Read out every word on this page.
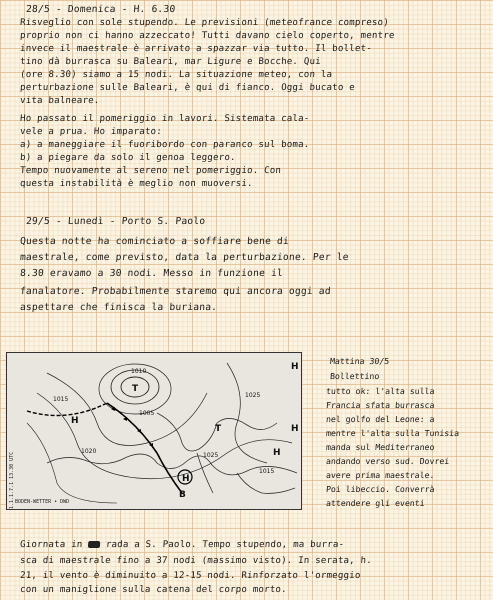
28/5 - Domenica - H. 6.30
Risveglio con sole stupendo. Le previsioni (meteofrance compreso)
proprio non ci hanno azzeccato! Tutti davano cielo coperto, mentre
invece il maestrale è arrivato a spazzar via tutto. Il bollet-
tino dà burrasca su Baleari, mar Ligure e Bocche. Qui
(ore 8.30) siamo a 15 nodi. La situazione meteo, con la
perturbazione sulle Baleari, è qui di fianco. Oggi bucato e
vita balneare.
Ho passato il pomeriggio in lavori. Sistemata cala-
vele a prua. Ho imparato:
a) a maneggiare il fuoribordo con paranco sul boma.
b) a piegare da solo il genoa leggero.
Tempo nuovamente al sereno nel pomeriggio. Con
questa instabilità è meglio non muoversi.
29/5 - Lunedì - Porto S. Paolo
Questa notte ha cominciato a soffiare bene di
maestrale, come previsto, data la perturbazione. Per le
8.30 eravamo a 30 nodi. Messo in funzione il
fanalatore. Probabilmente staremo qui ancora oggi ad
aspettare che finisca la buriana.
1005
1010
1015
1020
1025
1025
1015
H
H
H
H
H
T
T
B
1.1.1.7.1 13.30 UTC BODEN-WETTER • DWD
Mattina 30/5
Bollettino
tutto ok: l'alta sulla
Francia sfata burrasca
nel golfo del Leone: a
mentre l'alta sulla Tunisia
manda sul Mediterraneo
andando verso sud. Dovrei
avere prima maestrale.
Poi libeccio. Converrà
attendere gli eventi
Giornata in rada a S. Paolo. Tempo stupendo, ma burra-
sca di maestrale fino a 37 nodi (massimo visto). In serata, h.
21, il vento è diminuito a 12-15 nodi. Rinforzato l'ormeggio
con un maniglione sulla catena del corpo morto.
